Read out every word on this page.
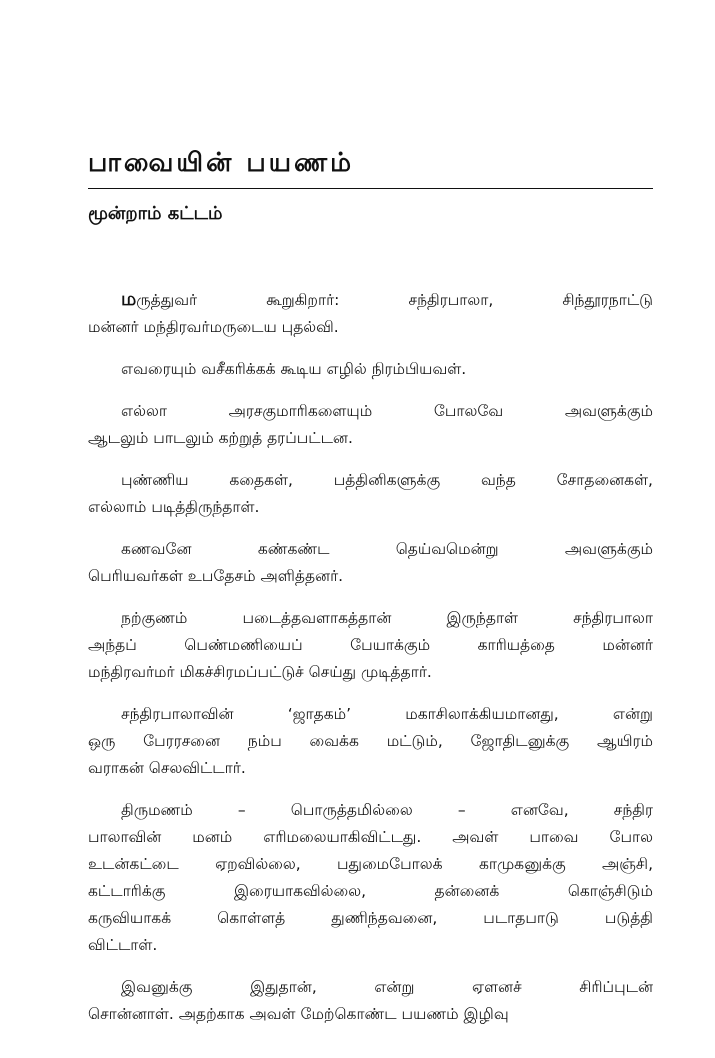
பாவையின் பயணம்
மூன்றாம் கட்டம்

மருத்துவர் கூறுகிறார்: சந்திரபாலா, சிந்தூரநாட்டு
மன்னர் மந்திரவர்மருடைய புதல்வி.

எவரையும் வசீகரிக்கக் கூடிய எழில் நிரம்பியவள்.

எல்லா அரசகுமாரிகளையும் போலவே அவளுக்கும்
ஆடலும் பாடலும் கற்றுத் தரப்பட்டன.

புண்ணிய கதைகள், பத்தினிகளுக்கு வந்த சோதனைகள்,
எல்லாம் படித்திருந்தாள்.

கணவனே கண்கண்ட தெய்வமென்று அவளுக்கும்
பெரியவர்கள் உபதேசம் அளித்தனர்.

நற்குணம் படைத்தவளாகத்தான் இருந்தாள் சந்திரபாலா
அந்தப் பெண்மணியைப் பேயாக்கும் காரியத்தை மன்னர்
மந்திரவர்மர் மிகச்சிரமப்பட்டுச் செய்து முடித்தார்.

சந்திரபாலாவின் ‘ஜாதகம்’ மகாசிலாக்கியமானது, என்று
ஒரு பேரரசனை நம்ப வைக்க மட்டும், ஜோதிடனுக்கு ஆயிரம்
வராகன் செலவிட்டார்.

திருமணம் – பொருத்தமில்லை – எனவே, சந்திர
பாலாவின் மனம் எரிமலையாகிவிட்டது. அவள் பாவை போல
உடன்கட்டை ஏறவில்லை, பதுமைபோலக் காமுகனுக்கு அஞ்சி,
கட்டாரிக்கு இரையாகவில்லை, தன்னைக் கொஞ்சிடும்
கருவியாகக் கொள்ளத் துணிந்தவனை, படாதபாடு படுத்தி
விட்டாள்.

இவனுக்கு இதுதான், என்று ஏளனச் சிரிப்புடன்
சொன்னாள். அதற்காக அவள் மேற்கொண்ட பயணம் இழிவு
